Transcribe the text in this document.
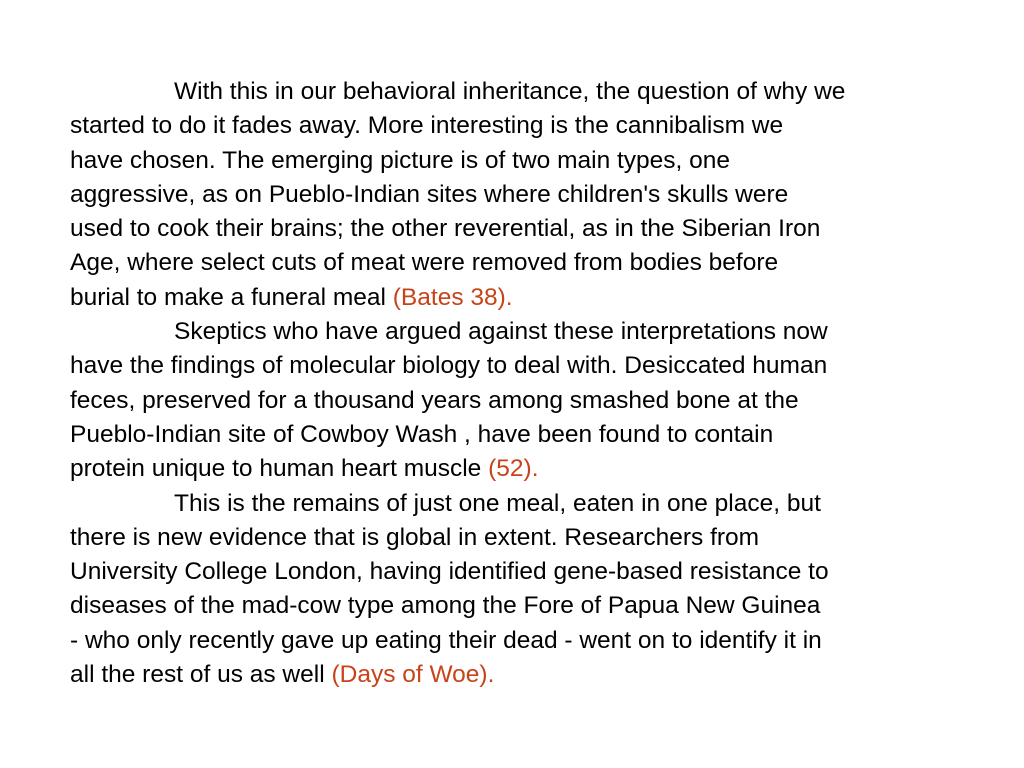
With this in our behavioral inheritance, the question of why we
started to do it fades away. More interesting is the cannibalism we
have chosen. The emerging picture is of two main types, one
aggressive, as on Pueblo-Indian sites where children's skulls were
used to cook their brains; the other reverential, as in the Siberian Iron
Age, where select cuts of meat were removed from bodies before
burial to make a funeral meal (Bates 38).
Skeptics who have argued against these interpretations now
have the findings of molecular biology to deal with. Desiccated human
feces, preserved for a thousand years among smashed bone at the
Pueblo-Indian site of Cowboy Wash , have been found to contain
protein unique to human heart muscle (52).
This is the remains of just one meal, eaten in one place, but
there is new evidence that is global in extent. Researchers from
University College London, having identified gene-based resistance to
diseases of the mad-cow type among the Fore of Papua New Guinea
- who only recently gave up eating their dead - went on to identify it in
all the rest of us as well (Days of Woe).
